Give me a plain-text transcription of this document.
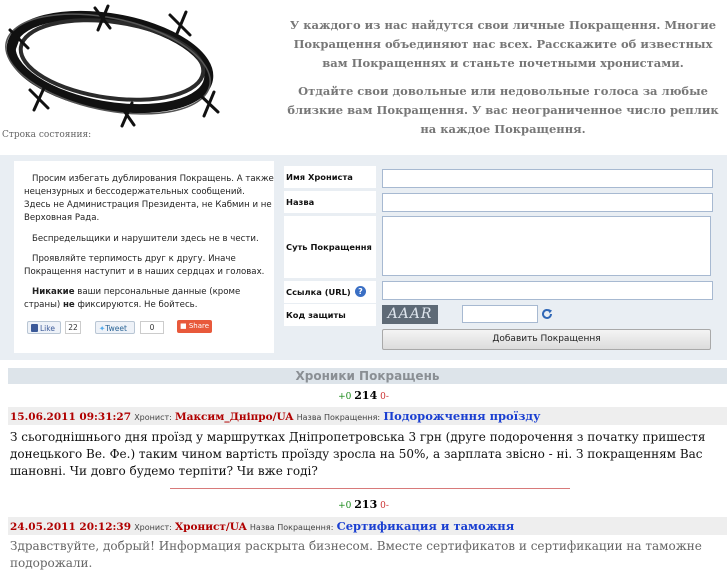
У каждого из нас найдутся свои личные Покращення. Многие Покращення объединяют нас всех. Расскажите об известных вам Покращеннях и станьте почетными хронистами.

Отдайте свои довольные или недовольные голоса за любые близкие вам Покращення. У вас неограниченное число реплик на каждое Покращення.

Строка состояния:

Просим избегать дублирования Покращень. А также нецензурных и бессодержательных сообщений. Здесь не Администрация Президента, не Кабмин и не Верховная Рада.

Беспредельщики и нарушители здесь не в чести.

Проявляйте терпимость друг к другу. Иначе Покращення наступит и в наших сердцах и головах.

Никакие ваши персональные данные (кроме страны) не фиксируются. Не бойтесь.

Like	22	✦Tweet	0	■ Share
Имя Хрониста
Назва
Суть Покращення
Ссылка (URL) ?
Код защиты	AAAR
Добавить Покращення
Хроники Покращень
+0 214 0-
15.06.2011 09:31:27 Хронист: Максим_Дніпро/UA Назва Покращення: Подорожчення проїзду
З сьогоднішнього дня проїзд у маршрутках Дніпропетровська 3 грн (друге подорочення з початку пришестя донецького Ве. Фе.) таким чином вартість проїзду зросла на 50%, а зарплата звісно - ні. З покращенням Вас шановні. Чи довго будемо терпіти? Чи вже годі?
+0 213 0-
24.05.2011 20:12:39 Хронист: Хронист/UA Назва Покращення: Сертификация и таможня
Здравствуйте, добрый! Информация раскрыта бизнесом. Вместе сертификатов и сертификации на таможне подорожали.
